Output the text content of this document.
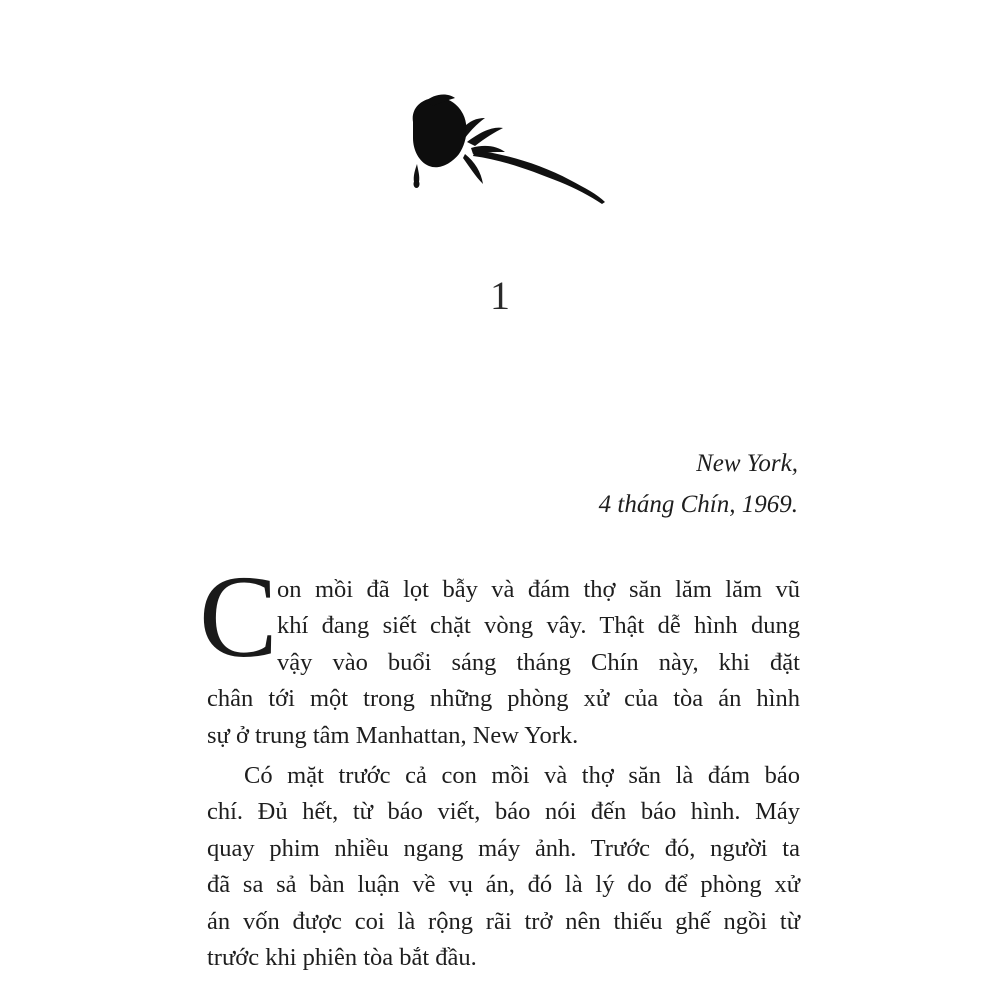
1
New York,
4 tháng Chín, 1969.
C on mồi đã lọt bẫy và đám thợ săn lăm lăm vũ
khí đang siết chặt vòng vây. Thật dễ hình dung
vậy vào buổi sáng tháng Chín này, khi đặt
chân tới một trong những phòng xử của tòa án hình
sự ở trung tâm Manhattan, New York.
Có mặt trước cả con mồi và thợ săn là đám báo
chí. Đủ hết, từ báo viết, báo nói đến báo hình. Máy
quay phim nhiều ngang máy ảnh. Trước đó, người ta
đã sa sả bàn luận về vụ án, đó là lý do để phòng xử
án vốn được coi là rộng rãi trở nên thiếu ghế ngồi từ
trước khi phiên tòa bắt đầu.
